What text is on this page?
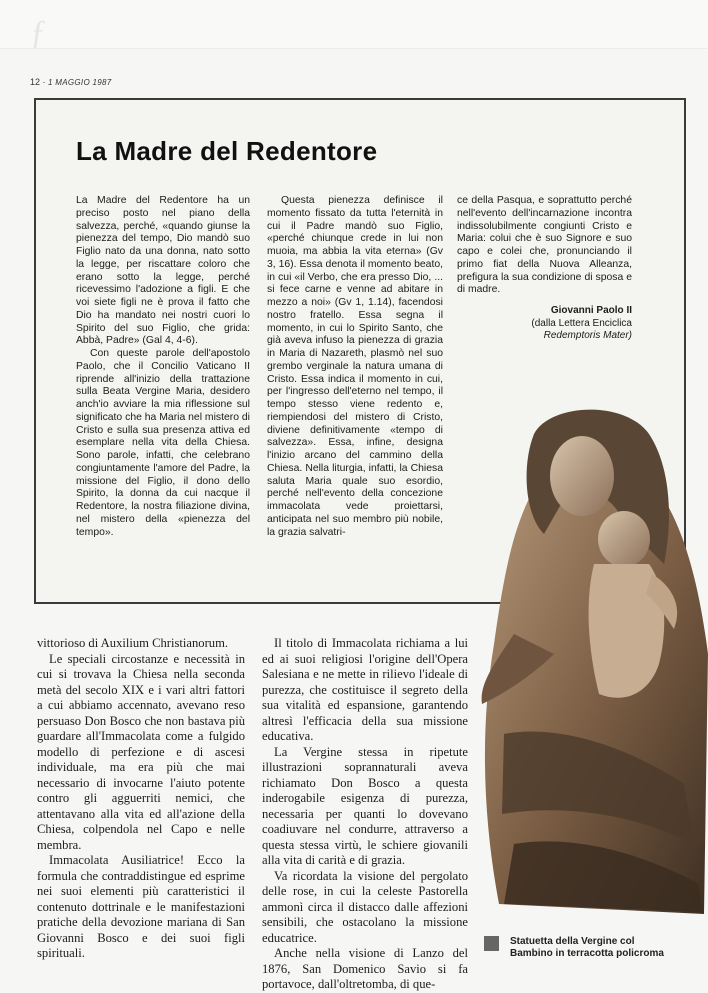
ƒ
12 · 1 MAGGIO 1987
La Madre del Redentore

La Madre del Redentore ha un preciso posto nel piano della salvezza, perché, «quando giunse la pienezza del tempo, Dio mandò suo Figlio nato da una donna, nato sotto la legge, per riscattare coloro che erano sotto la legge, perché ricevessimo l'adozione a figli. E che voi siete figli ne è prova il fatto che Dio ha mandato nei nostri cuori lo Spirito del suo Figlio, che grida: Abbà, Padre» (Gal 4, 4-6).

Con queste parole dell'apostolo Paolo, che il Concilio Vaticano II riprende all'inizio della trattazione sulla Beata Vergine Maria, desidero anch'io avviare la mia riflessione sul significato che ha Maria nel mistero di Cristo e sulla sua presenza attiva ed esemplare nella vita della Chiesa. Sono parole, infatti, che celebrano congiuntamente l'amore del Padre, la missione del Figlio, il dono dello Spirito, la donna da cui nacque il Redentore, la nostra filiazione divina, nel mistero della «pienezza del tempo».

Questa pienezza definisce il momento fissato da tutta l'eternità in cui il Padre mandò suo Figlio, «perché chiunque crede in lui non muoia, ma abbia la vita eterna» (Gv 3, 16). Essa denota il momento beato, in cui «il Verbo, che era presso Dio, ... si fece carne e venne ad abitare in mezzo a noi» (Gv 1, 1.14), facendosi nostro fratello. Essa segna il momento, in cui lo Spirito Santo, che già aveva infuso la pienezza di grazia in Maria di Nazareth, plasmò nel suo grembo verginale la natura umana di Cristo. Essa indica il momento in cui, per l'ingresso dell'eterno nel tempo, il tempo stesso viene redento e, riempiendosi del mistero di Cristo, diviene definitivamente «tempo di salvezza». Essa, infine, designa l'inizio arcano del cammino della Chiesa. Nella liturgia, infatti, la Chiesa saluta Maria quale suo esordio, perché nell'evento della concezione immacolata vede proiettarsi, anticipata nel suo membro più nobile, la grazia salvatri-

ce della Pasqua, e soprattutto perché nell'evento dell'incarnazione incontra indissolubilmente congiunti Cristo e Maria: colui che è suo Signore e suo capo e colei che, pronunciando il primo fiat della Nuova Alleanza, prefigura la sua condizione di sposa e di madre.

Giovanni Paolo II
(dalla Lettera Enciclica
Redemptoris Mater)

vittorioso di Auxilium Christianorum.

Le speciali circostanze e necessità in cui si trovava la Chiesa nella seconda metà del secolo XIX e i vari altri fattori a cui abbiamo accennato, avevano reso persuaso Don Bosco che non bastava più guardare all'Immacolata come a fulgido modello di perfezione e di ascesi individuale, ma era più che mai necessario di invocarne l'aiuto potente contro gli agguerriti nemici, che attentavano alla vita ed all'azione della Chiesa, colpendola nel Capo e nelle membra.

Immacolata Ausiliatrice! Ecco la formula che contraddistingue ed esprime nei suoi elementi più caratteristici il contenuto dottrinale e le manifestazioni pratiche della devozione mariana di San Giovanni Bosco e dei suoi figli spirituali.

Il titolo di Immacolata richiama a lui ed ai suoi religiosi l'origine dell'Opera Salesiana e ne mette in rilievo l'ideale di purezza, che costituisce il segreto della sua vitalità ed espansione, garantendo altresì l'efficacia della sua missione educativa.

La Vergine stessa in ripetute illustrazioni soprannaturali aveva richiamato Don Bosco a questa inderogabile esigenza di purezza, necessaria per quanti lo dovevano coadiuvare nel condurre, attraverso a questa stessa virtù, le schiere giovanili alla vita di carità e di grazia.

Va ricordata la visione del pergolato delle rose, in cui la celeste Pastorella ammonì circa il distacco dalle affezioni sensibili, che ostacolano la missione educatrice.

Anche nella visione di Lanzo del 1876, San Domenico Savio si fa portavoce, dall'oltretomba, di que-

Statuetta della Vergine col
Bambino in terracotta policroma
